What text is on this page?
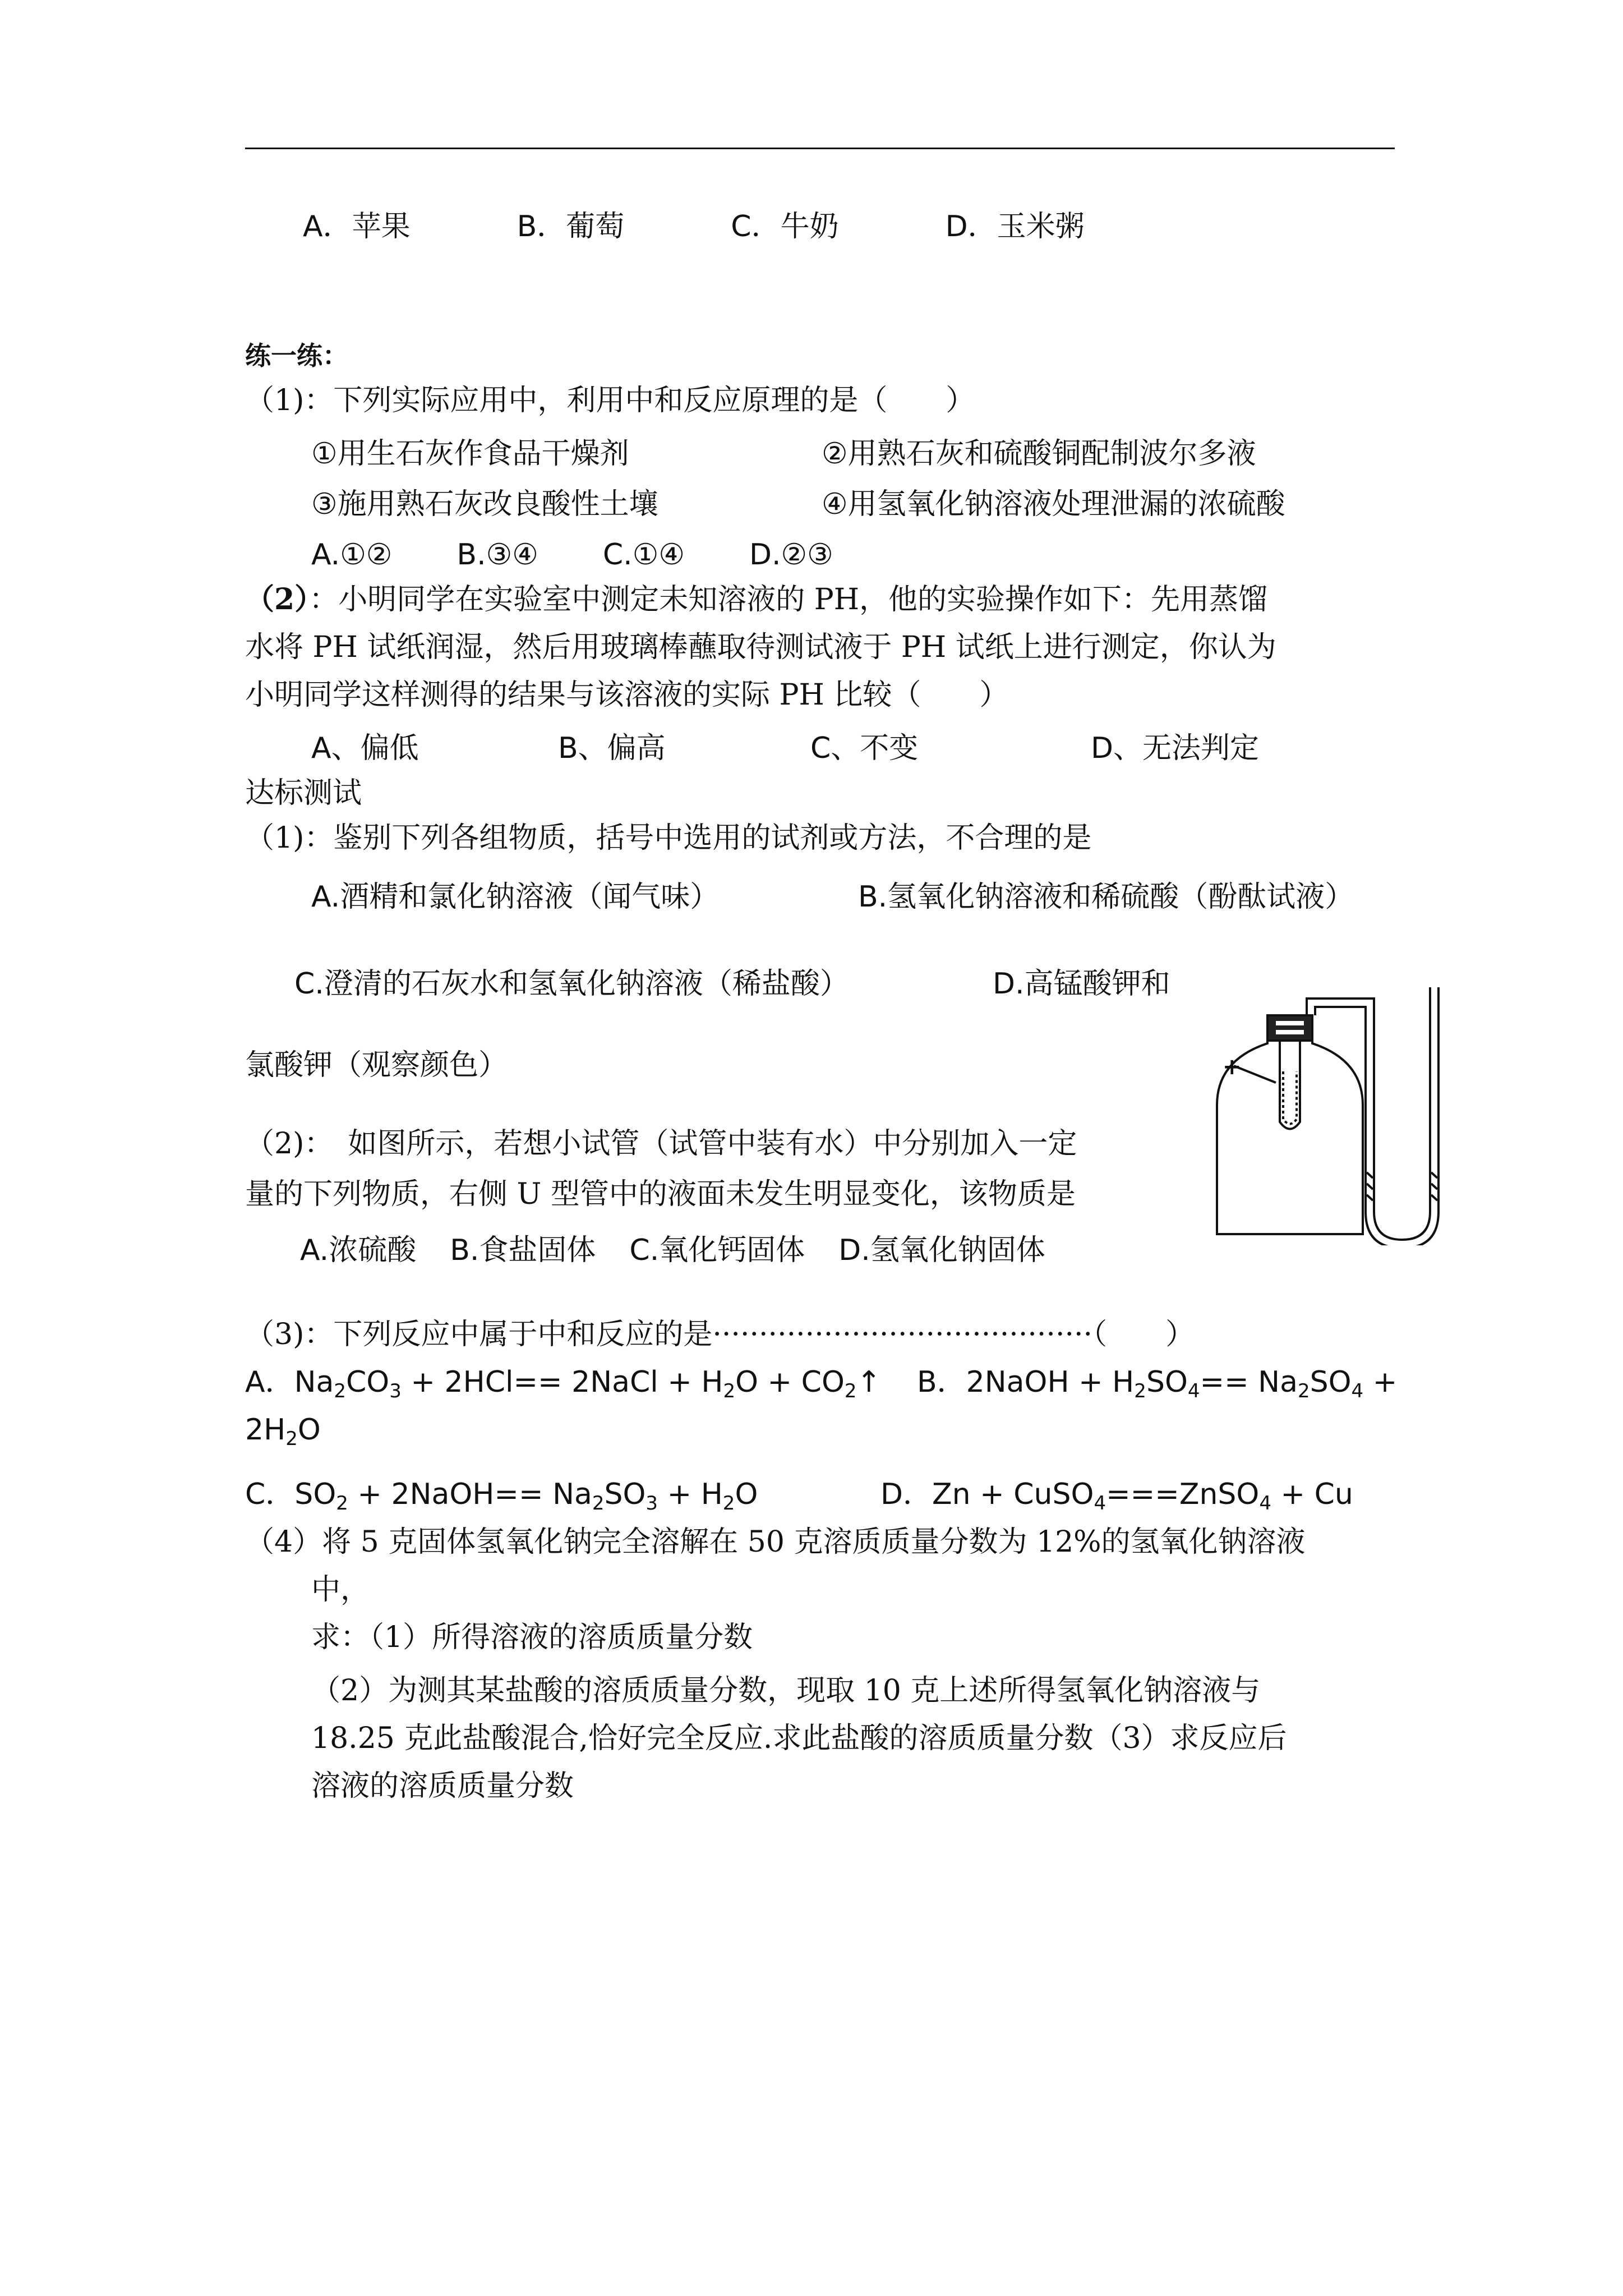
A．苹果	B．葡萄	C．牛奶	D．玉米粥
练一练：
（1)：下列实际应用中，利用中和反应原理的是（　　）
①用生石灰作食品干燥剂	②用熟石灰和硫酸铜配制波尔多液
③施用熟石灰改良酸性土壤	④用氢氧化钠溶液处理泄漏的浓硫酸
A.①② B.③④ C.①④ D.②③
（2）：小明同学在实验室中测定未知溶液的 PH，他的实验操作如下：先用蒸馏
水将 PH 试纸润湿，然后用玻璃棒蘸取待测试液于 PH 试纸上进行测定，你认为
小明同学这样测得的结果与该溶液的实际 PH 比较（　　）
A、偏低	B、偏高	C、不变	D、无法判定
达标测试
（1)：鉴别下列各组物质，括号中选用的试剂或方法，不合理的是
A.酒精和氯化钠溶液（闻气味）	B.氢氧化钠溶液和稀硫酸（酚酞试液）
C.澄清的石灰水和氢氧化钠溶液（稀盐酸）	D.高锰酸钾和
氯酸钾（观察颜色）
（2)：　如图所示，若想小试管（试管中装有水）中分别加入一定
量的下列物质，右侧 U 型管中的液面未发生明显变化，该物质是
A.浓硫酸 B.食盐固体 C.氧化钙固体 D.氢氧化钠固体
+
（3)：下列反应中属于中和反应的是·········································（　　）
A．$Na_2CO_3 + 2HCl==$ 2NaCl + $H_2O$ + $CO_2↑$ B．2NaOH + $H_2SO_4== Na_2SO_4$ +
$2H_2O$
C．$SO_2$ + 2NaOH== $Na_2SO_3 + H_2O$	D．Zn + CuSO$_4$===ZnSO$_4$ + Cu
（4）将 5 克固体氢氧化钠完全溶解在 50 克溶质质量分数为 12%的氢氧化钠溶液
中，
求：（1）所得溶液的溶质质量分数
（2）为测其某盐酸的溶质质量分数，现取 10 克上述所得氢氧化钠溶液与
18.25 克此盐酸混合,恰好完全反应.求此盐酸的溶质质量分数（3）求反应后
溶液的溶质质量分数
